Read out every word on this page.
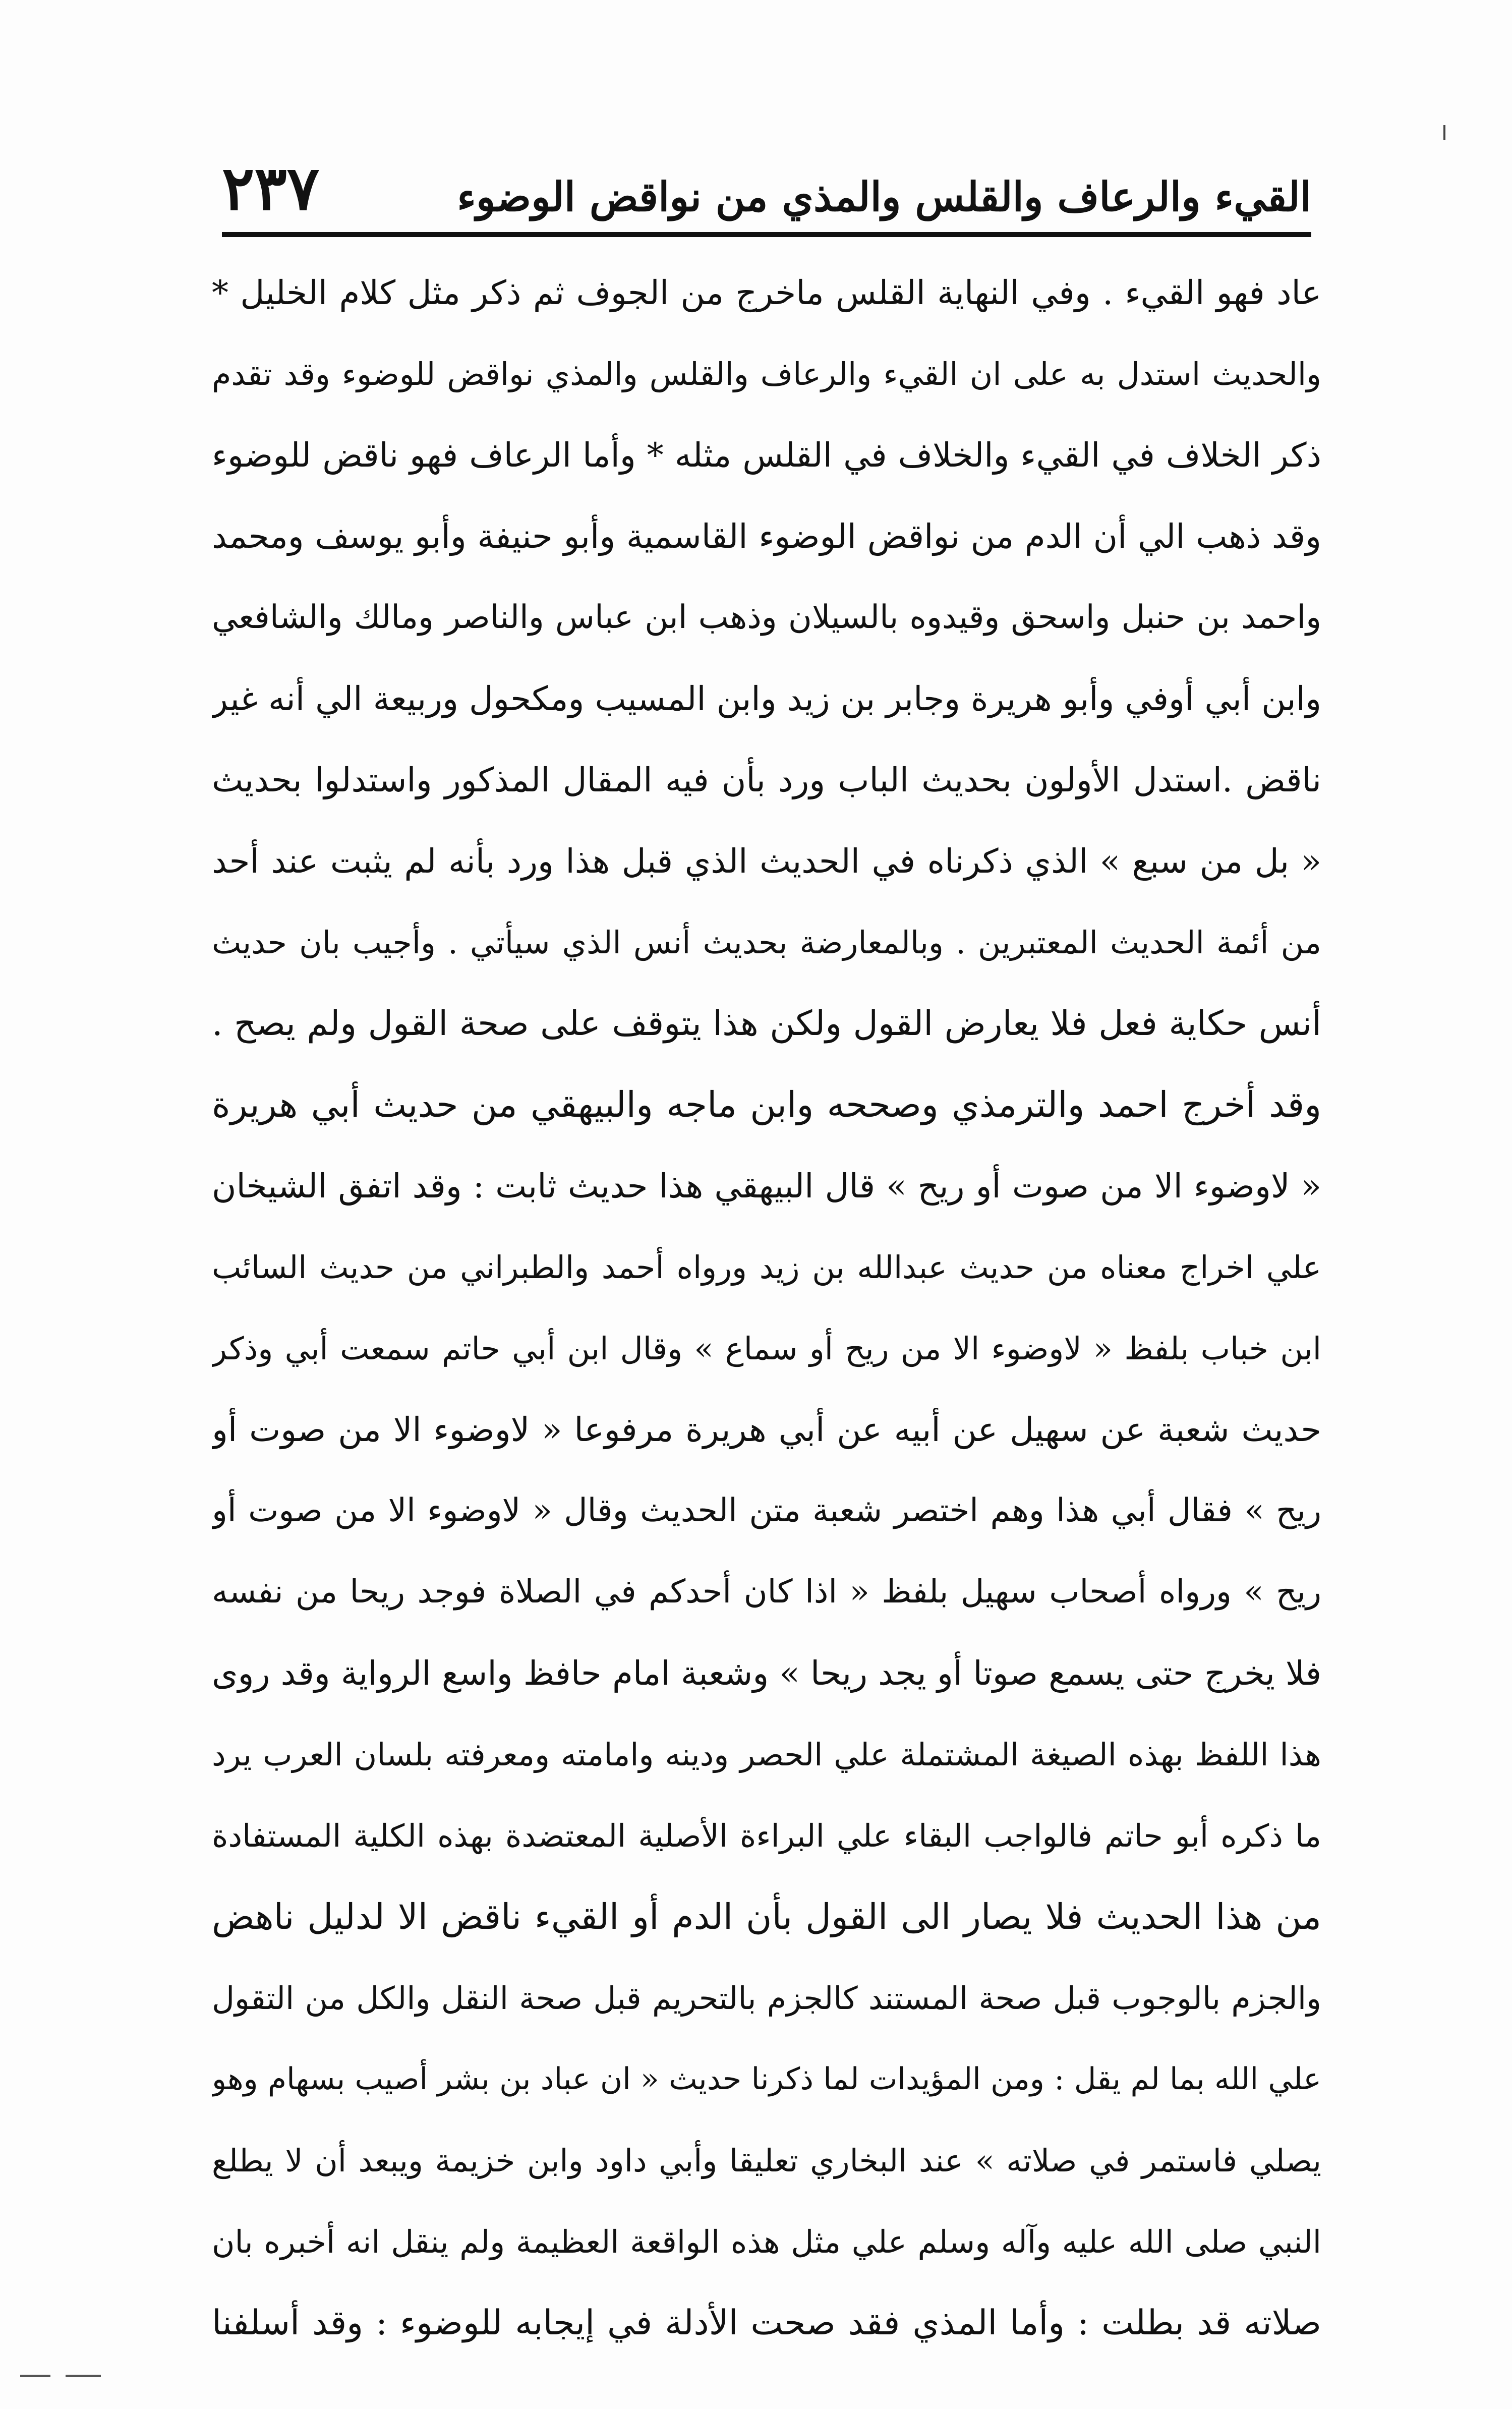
القيء والرعاف والقلس والمذي من نواقض الوضوء
٢٣٧
عاد فهو القيء . وفي النهاية القلس ماخرج من الجوف ثم ذكر مثل كلام الخليل *
والحديث استدل به على ان القيء والرعاف والقلس والمذي نواقض للوضوء وقد تقدم
ذكر الخلاف في القيء والخلاف في القلس مثله * وأما الرعاف فهو ناقض للوضوء
وقد ذهب الي أن الدم من نواقض الوضوء القاسمية وأبو حنيفة وأبو يوسف ومحمد
واحمد بن حنبل واسحق وقيدوه بالسيلان وذهب ابن عباس والناصر ومالك والشافعي
وابن أبي أوفي وأبو هريرة وجابر بن زيد وابن المسيب ومكحول وربيعة الي أنه غير
ناقض .استدل الأولون بحديث الباب ورد بأن فيه المقال المذكور واستدلوا بحديث
« بل من سبع » الذي ذكرناه في الحديث الذي قبل هذا ورد بأنه لم يثبت عند أحد
من أئمة الحديث المعتبرين . وبالمعارضة بحديث أنس الذي سيأتي . وأجيب بان حديث
أنس حكاية فعل فلا يعارض القول ولكن هذا يتوقف على صحة القول ولم يصح .
وقد أخرج احمد والترمذي وصححه وابن ماجه والبيهقي من حديث أبي هريرة
« لاوضوء الا من صوت أو ريح » قال البيهقي هذا حديث ثابت : وقد اتفق الشيخان
علي اخراج معناه من حديث عبدالله بن زيد ورواه أحمد والطبراني من حديث السائب
ابن خباب بلفظ « لاوضوء الا من ريح أو سماع » وقال ابن أبي حاتم سمعت أبي وذكر
حديث شعبة عن سهيل عن أبيه عن أبي هريرة مرفوعا « لاوضوء الا من صوت أو
ريح » فقال أبي هذا وهم اختصر شعبة متن الحديث وقال « لاوضوء الا من صوت أو
ريح » ورواه أصحاب سهيل بلفظ « اذا كان أحدكم في الصلاة فوجد ريحا من نفسه
فلا يخرج حتى يسمع صوتا أو يجد ريحا » وشعبة امام حافظ واسع الرواية وقد روى
هذا اللفظ بهذه الصيغة المشتملة علي الحصر ودينه وامامته ومعرفته بلسان العرب يرد
ما ذكره أبو حاتم فالواجب البقاء علي البراءة الأصلية المعتضدة بهذه الكلية المستفادة
من هذا الحديث فلا يصار الى القول بأن الدم أو القيء ناقض الا لدليل ناهض
والجزم بالوجوب قبل صحة المستند كالجزم بالتحريم قبل صحة النقل والكل من التقول
علي الله بما لم يقل : ومن المؤيدات لما ذكرنا حديث « ان عباد بن بشر أصيب بسهام وهو
يصلي فاستمر في صلاته » عند البخاري تعليقا وأبي داود وابن خزيمة ويبعد أن لا يطلع
النبي صلى الله عليه وآله وسلم علي مثل هذه الواقعة العظيمة ولم ينقل انه أخبره بان
صلاته قد بطلت : وأما المذي فقد صحت الأدلة في إيجابه للوضوء : وقد أسلفنا
